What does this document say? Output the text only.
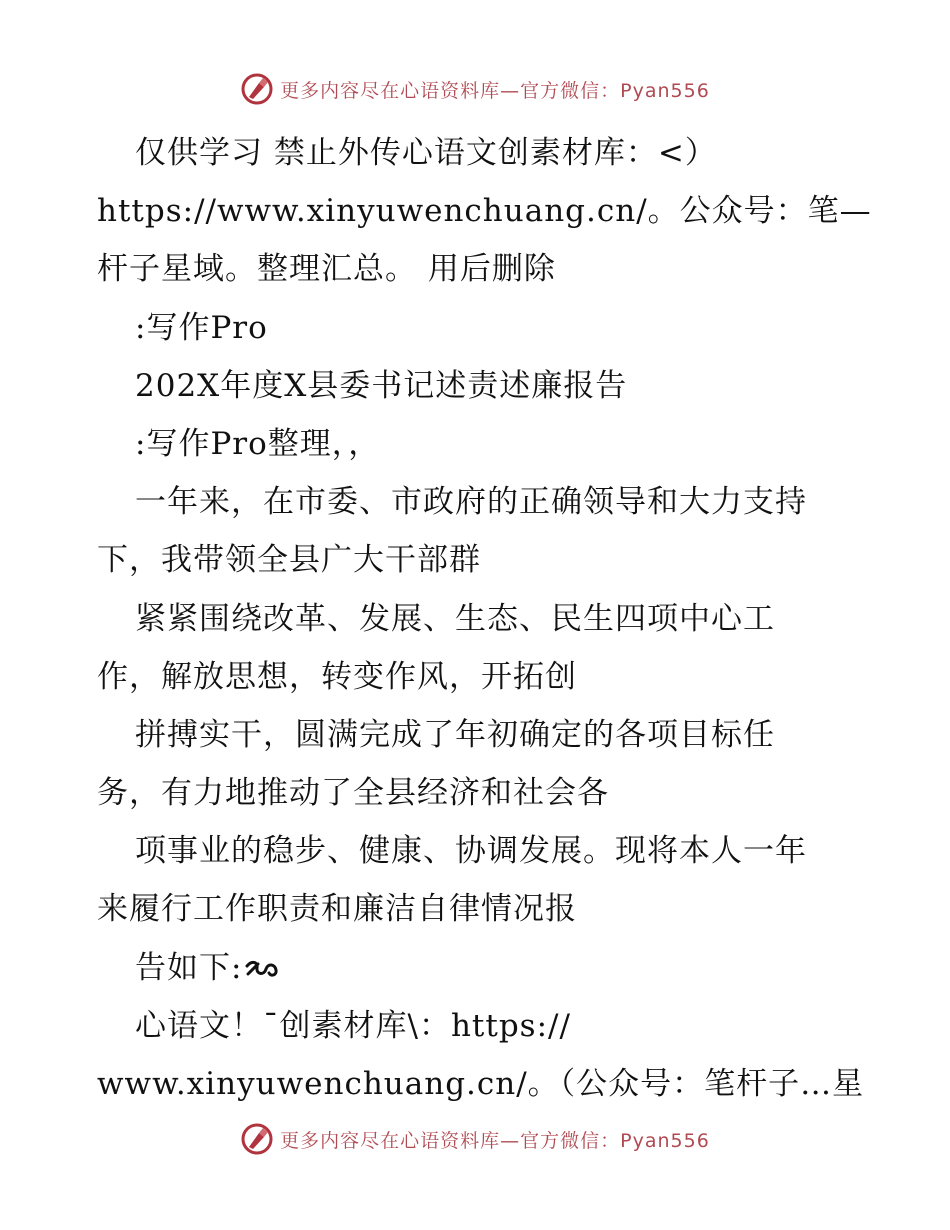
更多内容尽在心语资料库—官方微信：Pyan556
仅供学习 禁止外传心语文创素材库：<）
https://www.xinyuwenchuang.cn/。公众号：笔—
杆子星域。整理汇总。 用后删除
:写作Pro
202X年度X县委书记述责述廉报告
:写作Pro整理，，
一年来，在市委、市政府的正确领导和大力支持
下，我带领全县广大干部群
紧紧围绕改革、发展、生态、民生四项中心工
作，解放思想，转变作风，开拓创
拼搏实干，圆满完成了年初确定的各项目标任
务，有力地推动了全县经济和社会各
项事业的稳步、健康、协调发展。现将本人一年
来履行工作职责和廉洁自律情况报
告如下:
心语文！¯创素材库\：https://
www.xinyuwenchuang.cn/。（公众号：笔杆子…星
更多内容尽在心语资料库—官方微信：Pyan556
